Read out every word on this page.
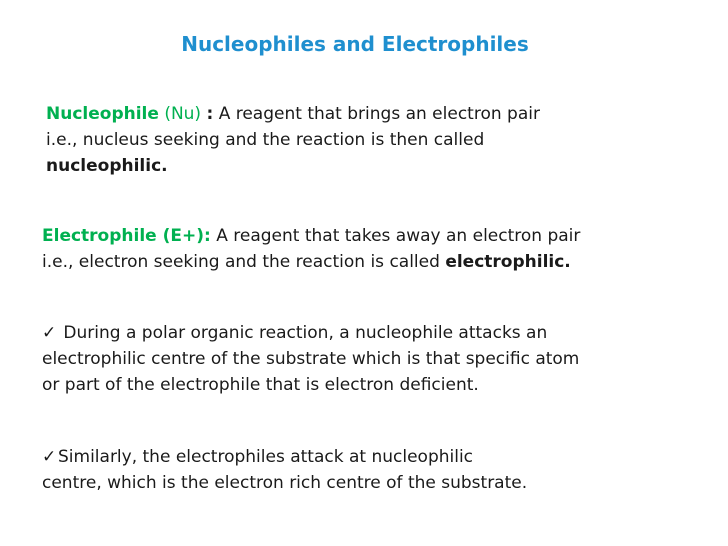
Nucleophiles and Electrophiles
Nucleophile (Nu) : A reagent that brings an electron pair
i.e., nucleus seeking and the reaction is then called
nucleophilic.
Electrophile (E+): A reagent that takes away an electron pair
i.e., electron seeking and the reaction is called electrophilic.
✓ During a polar organic reaction, a nucleophile attacks an
electrophilic centre of the substrate which is that specific atom
or part of the electrophile that is electron deficient.
✓ Similarly, the electrophiles attack at nucleophilic
centre, which is the electron rich centre of the substrate.
